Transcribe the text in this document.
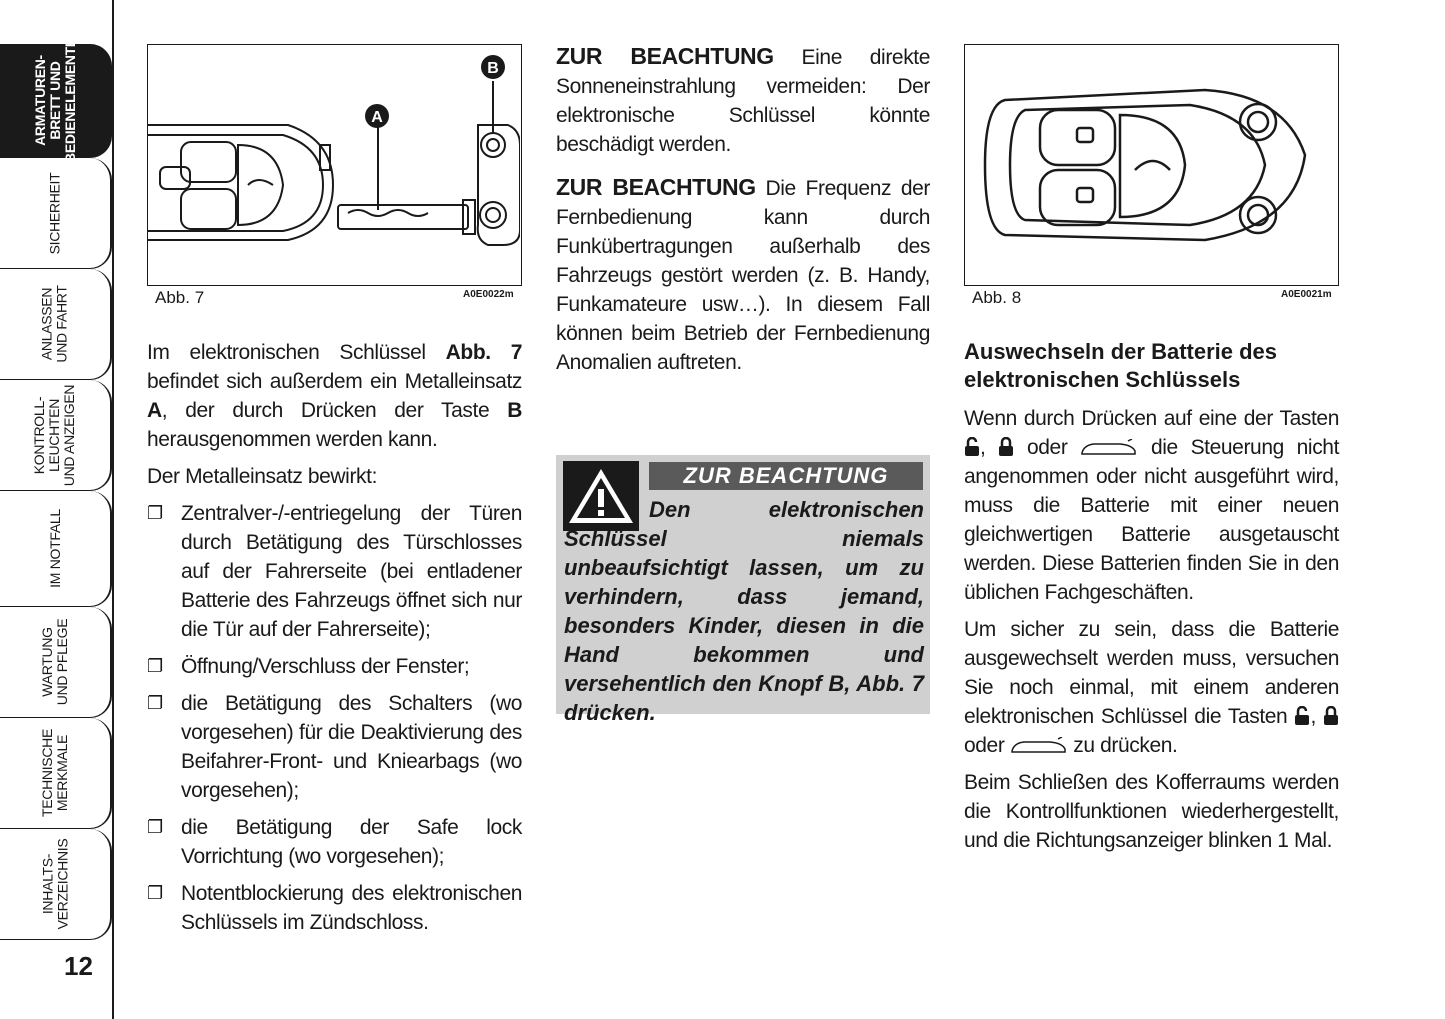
ARMATUREN-
BRETT UND
BEDIENELEMENTE
SICHERHEIT
ANLASSEN
UND FAHRT
KONTROLL-
LEUCHTEN
UND ANZEIGEN
IM NOTFALL
WARTUNG
UND PFLEGE
TECHNISCHE
MERKMALE
INHALTS-
VERZEICHNIS
12
A
B
Abb. 7	A0E0022m	Abb. 8	A0E0021m

Im elektronischen Schlüssel Abb. 7 befindet sich außerdem ein Metalleinsatz A, der durch Drücken der Taste B herausgenommen werden kann.

Der Metalleinsatz bewirkt:

❐ Zentralver-/-entriegelung der Türen durch Betätigung des Türschlosses auf der Fahrerseite (bei entladener Batterie des Fahrzeugs öffnet sich nur die Tür auf der Fahrerseite);
❐ Öffnung/Verschluss der Fenster;
❐ die Betätigung des Schalters (wo vorgesehen) für die Deaktivierung des Beifahrer-Front- und Kniearbags (wo vorgesehen);
❐ die Betätigung der Safe lock Vorrichtung (wo vorgesehen);
❐ Notentblockierung des elektronischen Schlüssels im Zündschloss.

ZUR BEACHTUNG Eine direkte Sonneneinstrahlung vermeiden: Der elektronische Schlüssel könnte beschädigt werden.

ZUR BEACHTUNG Die Frequenz der Fernbedienung kann durch Funkübertragungen außerhalb des Fahrzeugs gestört werden (z. B. Handy, Funkamateure usw…). In diesem Fall können beim Betrieb der Fernbedienung Anomalien auftreten.

ZUR BEACHTUNG
Den elektronischen Schlüssel niemals unbeaufsichtigt lassen, um zu verhindern, dass jemand, besonders Kinder, diesen in die Hand bekommen und versehentlich den Knopf B, Abb. 7 drücken.

Auswechseln der Batterie des elektronischen Schlüssels

Wenn durch Drücken auf eine der Tasten ,  oder	die Steuerung nicht angenommen oder nicht ausgeführt wird, muss die Batterie mit einer neuen gleichwertigen Batterie ausgetauscht werden. Diese Batterien finden Sie in den üblichen Fachgeschäften.

Um sicher zu sein, dass die Batterie ausgewechselt werden muss, versuchen Sie noch einmal, mit einem anderen elektronischen Schlüssel die Tasten ,  oder	zu drücken.

Beim Schließen des Kofferraums werden die Kontrollfunktionen wiederhergestellt, und die Richtungsanzeiger blinken 1 Mal.
